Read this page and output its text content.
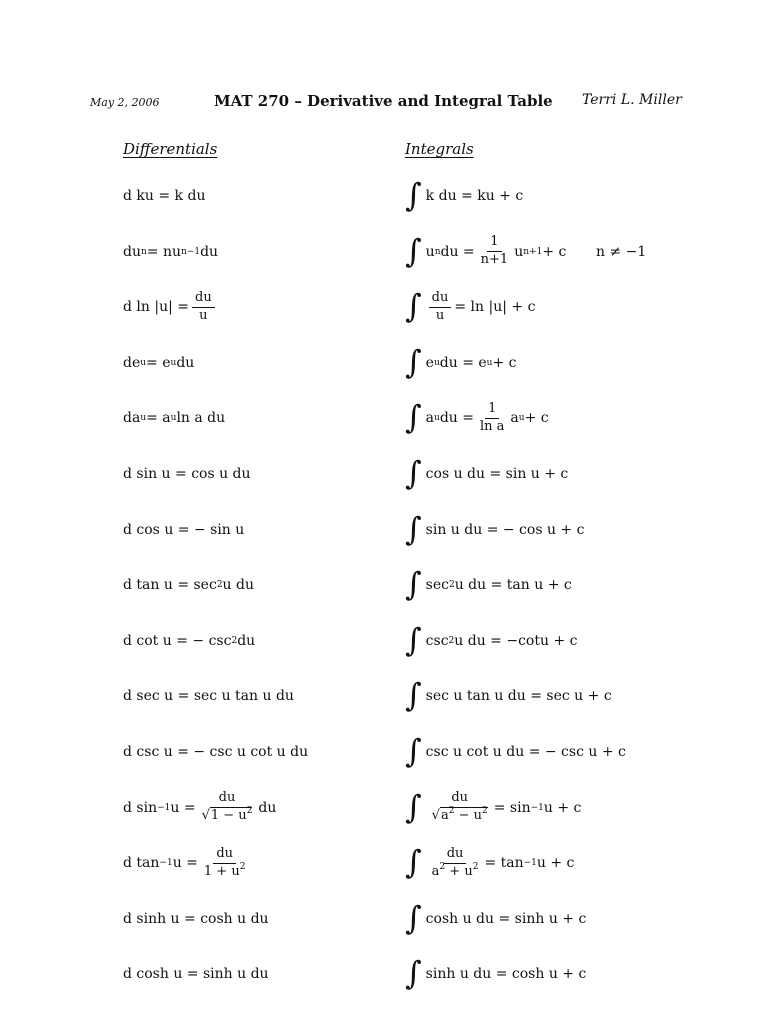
May 2, 2006	MAT 270 – Derivative and Integral Table Terri L. Miller
Differentials	Integrals
d ku = k du	∫ k du = ku + c
du n = nu n−1 du	∫ u n du = $\frac{1}{n+1}$ u n+1 + c n ≠ −1
d $\ln |u| = \frac{du}{u}$	∫ $\frac{du}{u} = \ln |u| + c$
de u = e u du	∫ e u du = e u + c
da u = a u ln a du	∫ a u du = $\frac{1}{\text{ln a}}$ a u + c
d sin u = cos u du	∫ cos u du = sin u + c
d cos u = − sin u	∫ sin u du = − cos u + c
d tan u = sec 2 u du	∫ sec 2 u du = tan u + c
d cot u = − csc 2 du	∫ csc 2 u du = −cotu + c
d sec u = sec u tan u du	∫ sec u tan u du = sec u + c
d csc u = − csc u cot u du	∫ csc u cot u du = − csc u + c
d sin −1 $u = \frac{du}{√1 - u^2}$ du	∫ $\frac{du}{√a^2 - u^2} = \sin -1$ u + c
d tan −1 $u = \frac{du}{1 + u^2}$	∫ $\frac{du}{a^2 + u^2} = \tan -1$ u + c
d sinh u = cosh u du	∫ cosh u du = sinh u + c
d cosh u = sinh u du	∫ sinh u du = cosh u + c
